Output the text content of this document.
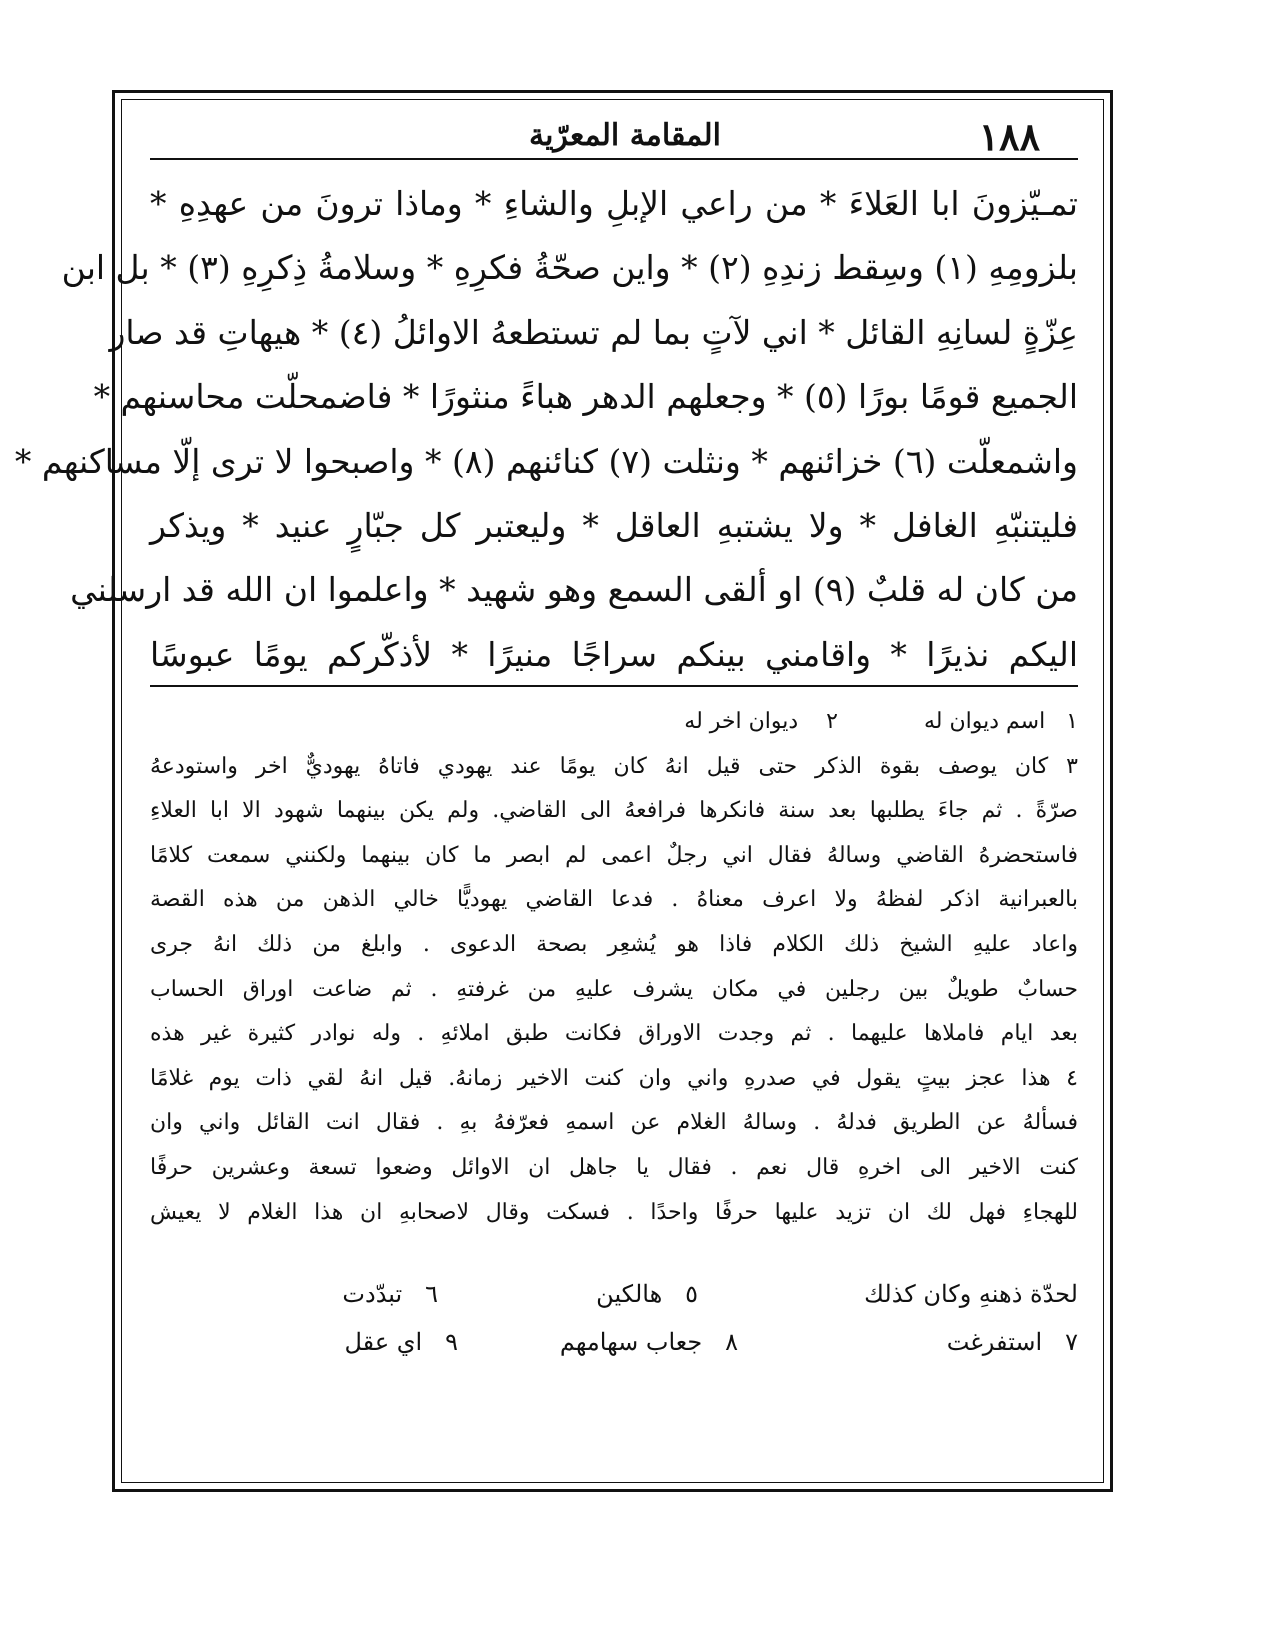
١٨٨
المقامة المعرّية
تمـيّزونَ ابا العَلاءَ * من راعي الإبلِ والشاءِ * وماذا ترونَ من عهدِهِ *
بلزومِهِ (١) وسِقط زندِهِ (٢) * واين صحّةُ فكرِهِ * وسلامةُ ذِكرِهِ (٣) * بل ابن
عِزّةٍ لسانِهِ القائل * اني لآتٍ بما لم تستطعهُ الاوائلُ (٤) * هيهاتِ قد صار
الجميع قومًا بورًا (٥) * وجعلهم الدهر هباءً منثورًا * فاضمحلّت محاسنهم *
واشمعلّت (٦) خزائنهم * ونثلت (٧) كنائنهم (٨) * واصبحوا لا ترى إلّا مساكنهم *
فليتنبّهِ الغافل * ولا يشتبهِ العاقل * وليعتبر كل جبّارٍ عنيد * ويذكر
من كان له قلبٌ (٩) او ألقى السمع وهو شهيد * واعلموا ان الله قد ارسلني
اليكم نذيرًا * واقامني بينكم سراجًا منيرًا * لأذكّركم يومًا عبوسًا
١   اسم ديوان له
٢    ديوان اخر له
٣ كان يوصف بقوة الذكر حتى قيل انهُ كان يومًا عند يهودي فاتاهُ يهوديٌّ اخر واستودعهُ
صرّةً . ثم جاءَ يطلبها بعد سنة فانكرها فرافعهُ الى القاضي. ولم يكن بينهما شهود الا ابا العلاءِ
فاستحضرهُ القاضي وسالهُ فقال اني رجلٌ اعمى لم ابصر ما كان بينهما ولكنني سمعت كلامًا
بالعبرانية اذكر لفظهُ ولا اعرف معناهُ . فدعا القاضي يهوديًّا خالي الذهن من هذه القصة
واعاد عليهِ الشيخ ذلك الكلام فاذا هو يُشعِر بصحة الدعوى . وابلغ من ذلك انهُ جرى
حسابٌ طويلٌ بين رجلين في مكان يشرف عليهِ من غرفتهِ . ثم ضاعت اوراق الحساب
بعد ايام فاملاها عليهما . ثم وجدت الاوراق فكانت طبق املائهِ . وله نوادر كثيرة غير هذه
٤ هذا عجز بيتٍ يقول في صدرهِ واني وان كنت الاخير زمانهُ. قيل انهُ لقي ذات يوم غلامًا
فسألهُ عن الطريق فدلهُ . وسالهُ الغلام عن اسمهِ فعرّفهُ بهِ . فقال انت القائل واني وان
كنت الاخير الى اخرهِ قال نعم . فقال يا جاهل ان الاوائل وضعوا تسعة وعشرين حرفًا
للهجاءِ فهل لك ان تزيد عليها حرفًا واحدًا . فسكت وقال لاصحابهِ ان هذا الغلام لا يعيش
لحدّة ذهنهِ وكان كذلك
٥   هالكين
٦   تبدّدت
٧   استفرغت
٨   جعاب سهامهم
٩   اي عقل
